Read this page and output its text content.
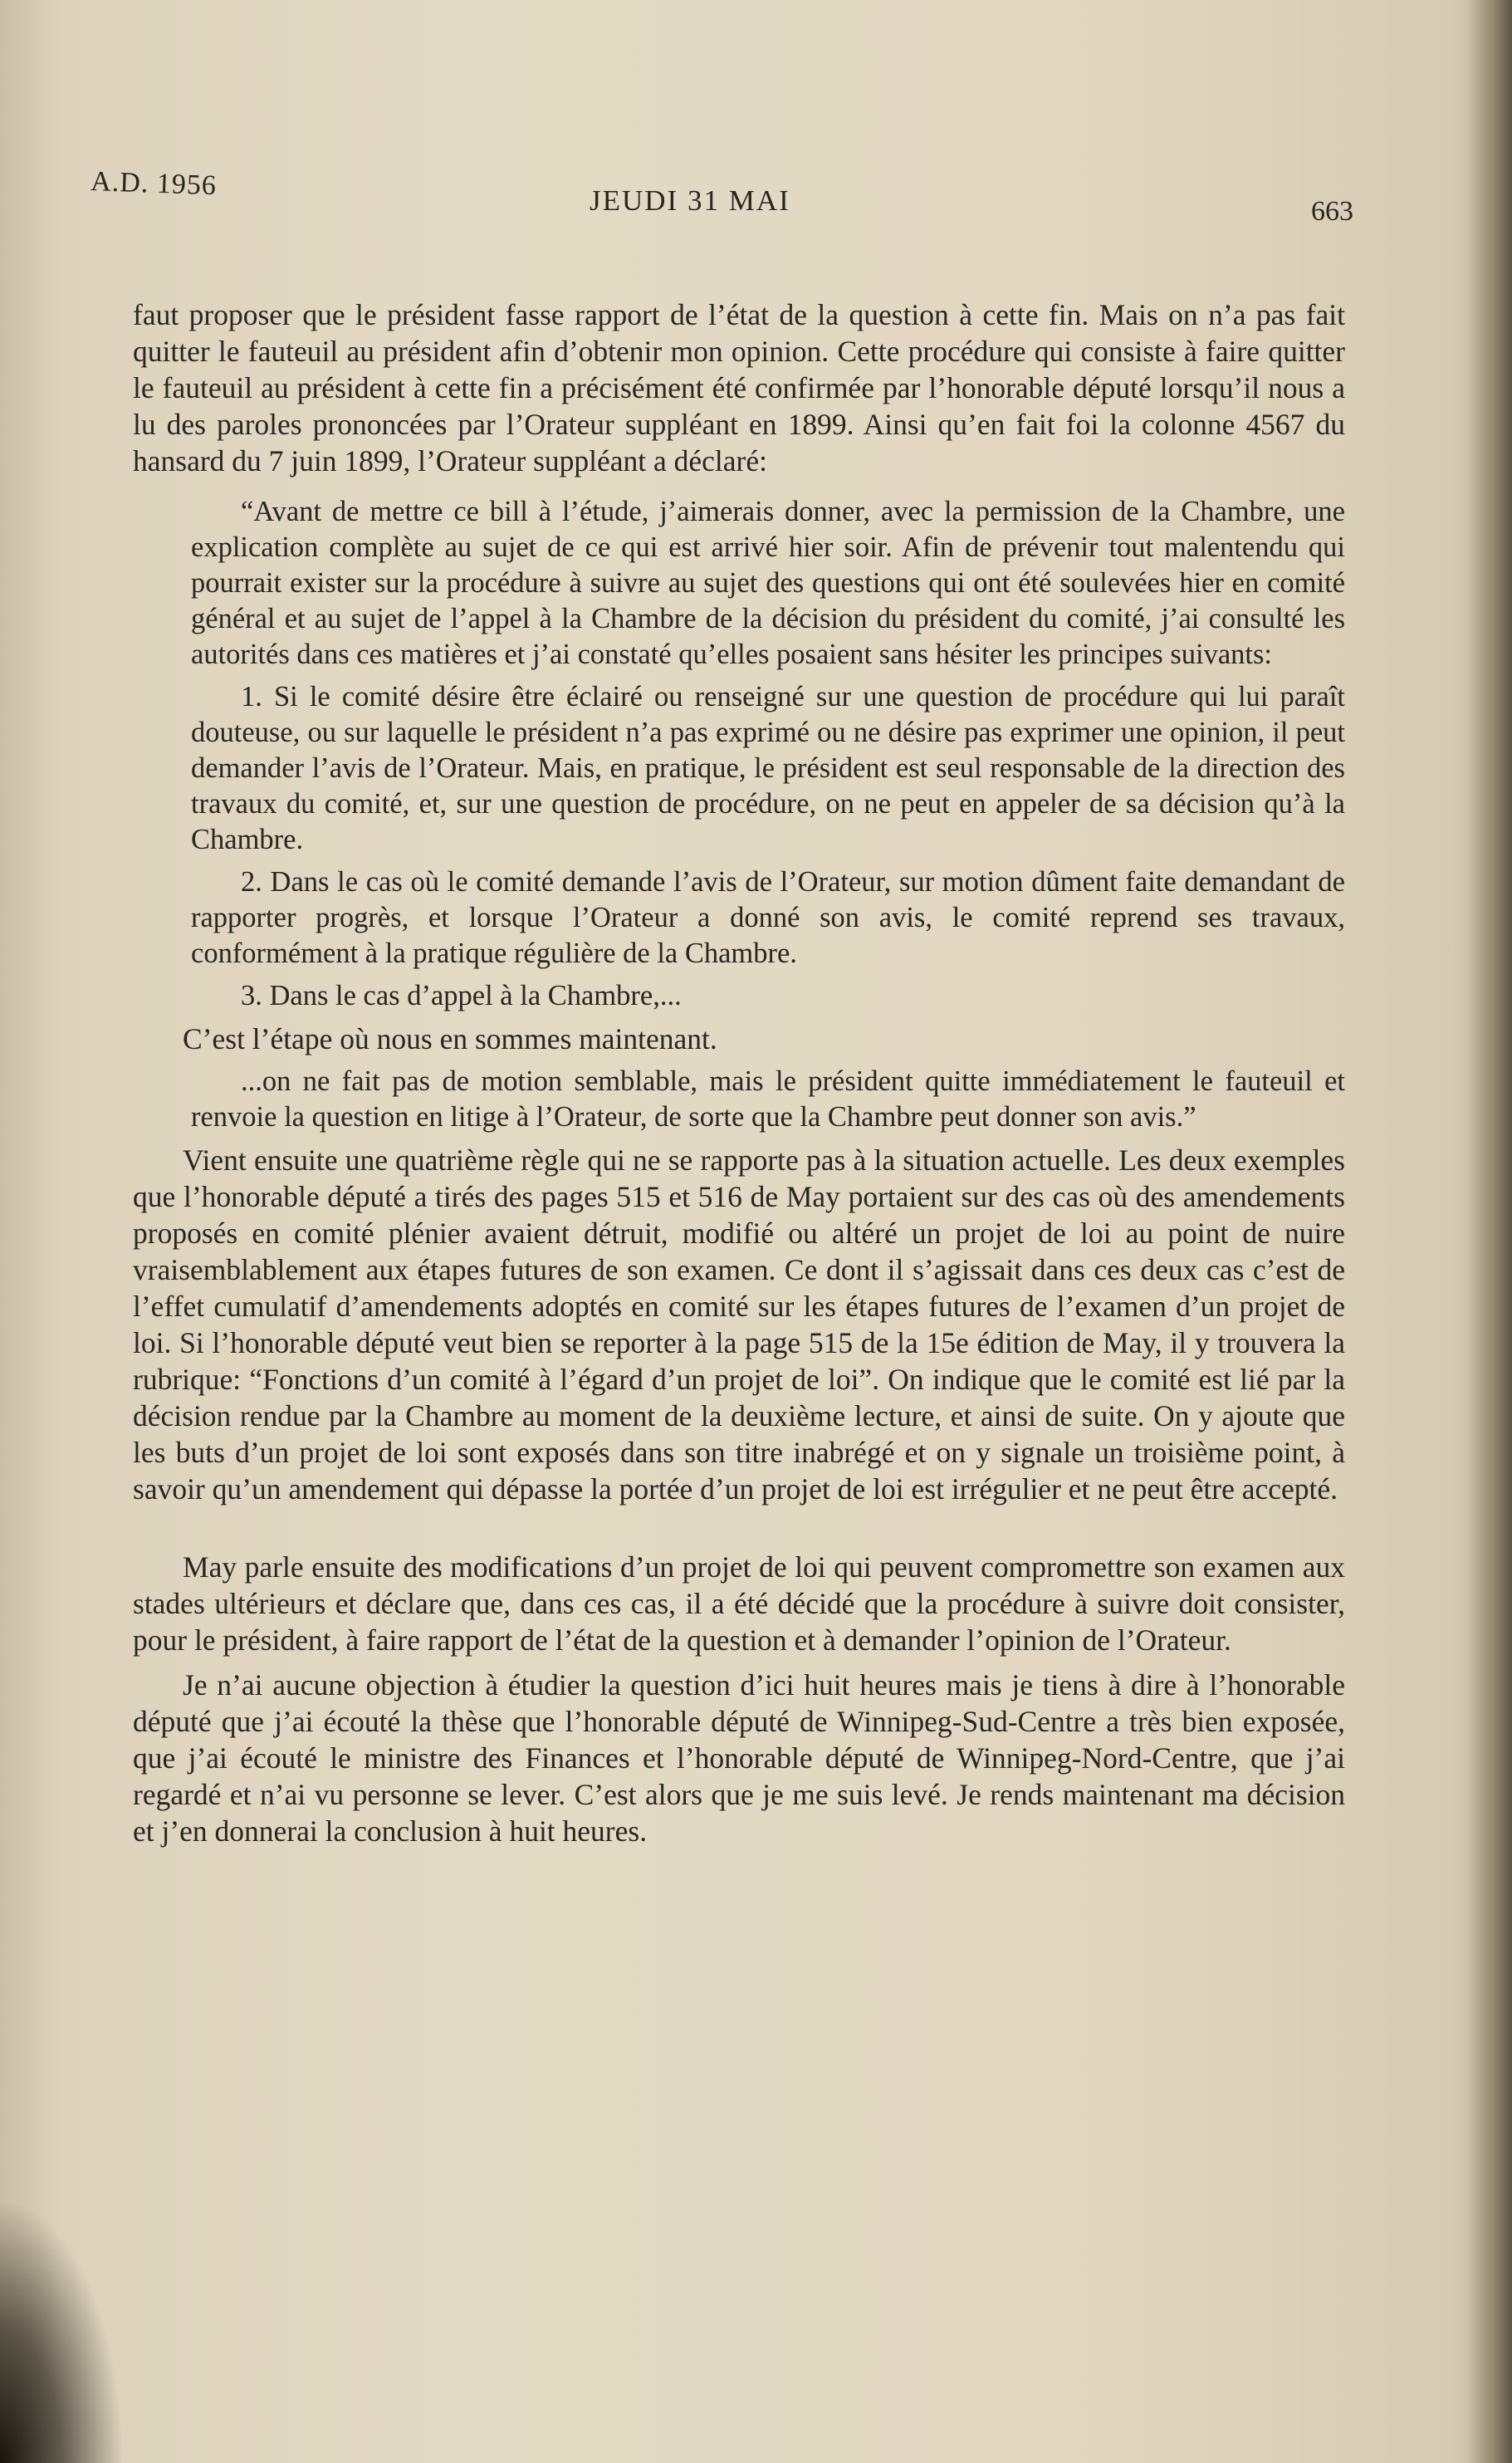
A.D. 1956	JEUDI 31 MAI	663

faut proposer que le président fasse rapport de l’état de la question à cette fin. Mais on n’a pas fait quitter le fauteuil au président afin d’obtenir mon opinion. Cette procédure qui consiste à faire quitter le fauteuil au président à cette fin a précisément été confirmée par l’honorable député lorsqu’il nous a lu des paroles prononcées par l’Orateur suppléant en 1899. Ainsi qu’en fait foi la colonne 4567 du hansard du 7 juin 1899, l’Orateur suppléant a déclaré:

“Avant de mettre ce bill à l’étude, j’aimerais donner, avec la permission de la Chambre, une explication complète au sujet de ce qui est arrivé hier soir. Afin de prévenir tout malentendu qui pourrait exister sur la procédure à suivre au sujet des questions qui ont été soulevées hier en comité général et au sujet de l’appel à la Chambre de la décision du président du comité, j’ai consulté les autorités dans ces matières et j’ai constaté qu’elles posaient sans hésiter les principes suivants:

1. Si le comité désire être éclairé ou renseigné sur une question de procédure qui lui paraît douteuse, ou sur laquelle le président n’a pas exprimé ou ne désire pas exprimer une opinion, il peut demander l’avis de l’Orateur. Mais, en pratique, le président est seul responsable de la direction des travaux du comité, et, sur une question de procédure, on ne peut en appeler de sa décision qu’à la Chambre.

2. Dans le cas où le comité demande l’avis de l’Orateur, sur motion dûment faite demandant de rapporter progrès, et lorsque l’Orateur a donné son avis, le comité reprend ses travaux, conformément à la pratique régulière de la Chambre.

3. Dans le cas d’appel à la Chambre,...

C’est l’étape où nous en sommes maintenant.

...on ne fait pas de motion semblable, mais le président quitte immédiatement le fauteuil et renvoie la question en litige à l’Orateur, de sorte que la Chambre peut donner son avis.”

Vient ensuite une quatrième règle qui ne se rapporte pas à la situation actuelle. Les deux exemples que l’honorable député a tirés des pages 515 et 516 de May portaient sur des cas où des amendements proposés en comité plénier avaient détruit, modifié ou altéré un projet de loi au point de nuire vraisemblablement aux étapes futures de son examen. Ce dont il s’agissait dans ces deux cas c’est de l’effet cumulatif d’amendements adoptés en comité sur les étapes futures de l’examen d’un projet de loi. Si l’honorable député veut bien se reporter à la page 515 de la 15e édition de May, il y trouvera la rubrique: “Fonctions d’un comité à l’égard d’un projet de loi”. On indique que le comité est lié par la décision rendue par la Chambre au moment de la deuxième lecture, et ainsi de suite. On y ajoute que les buts d’un projet de loi sont exposés dans son titre inabrégé et on y signale un troisième point, à savoir qu’un amendement qui dépasse la portée d’un projet de loi est irrégulier et ne peut être accepté.

May parle ensuite des modifications d’un projet de loi qui peuvent compromettre son examen aux stades ultérieurs et déclare que, dans ces cas, il a été décidé que la procédure à suivre doit consister, pour le président, à faire rapport de l’état de la question et à demander l’opinion de l’Orateur.

Je n’ai aucune objection à étudier la question d’ici huit heures mais je tiens à dire à l’honorable député que j’ai écouté la thèse que l’honorable député de Winnipeg-Sud-Centre a très bien exposée, que j’ai écouté le ministre des Finances et l’honorable député de Winnipeg-Nord-Centre, que j’ai regardé et n’ai vu personne se lever. C’est alors que je me suis levé. Je rends maintenant ma décision et j’en donnerai la conclusion à huit heures.
